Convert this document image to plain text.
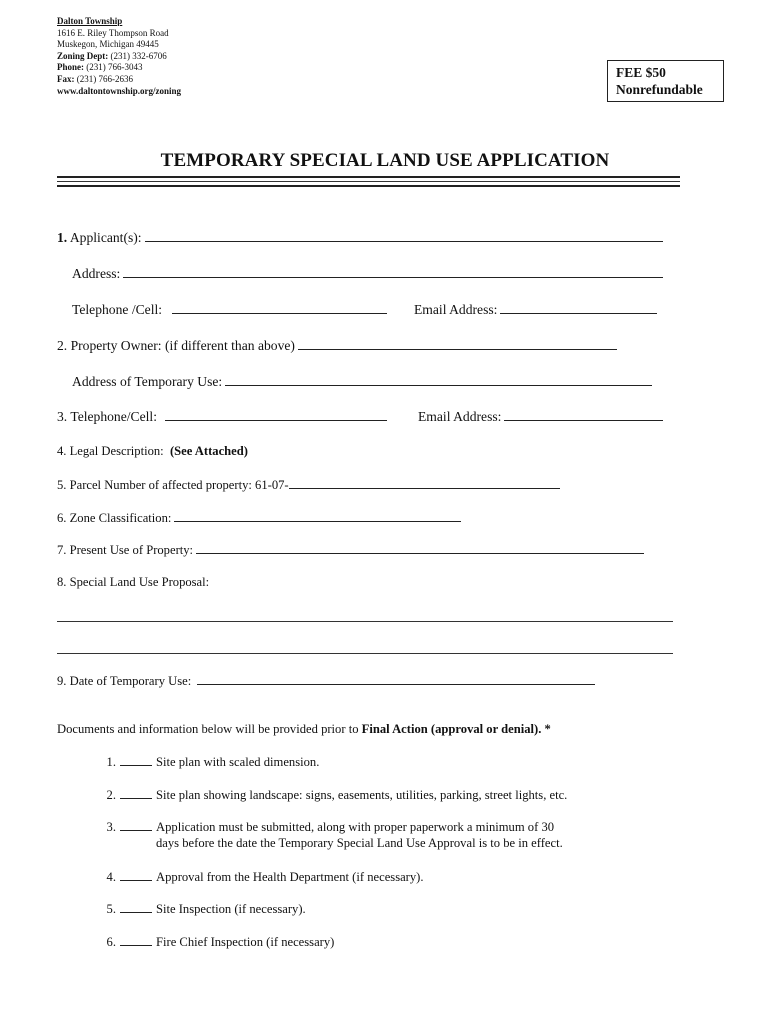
Dalton Township
1616 E. Riley Thompson Road
Muskegon, Michigan 49445
Zoning Dept: (231) 332-6706
Phone: (231) 766-3043
Fax: (231) 766-2636
www.daltontownship.org/zoning
FEE $50
Nonrefundable
TEMPORARY SPECIAL LAND USE APPLICATION
1. Applicant(s):
Address:
Telephone /Cell:	Email Address:
2. Property Owner: (if different than above)
Address of Temporary Use:
3. Telephone/Cell:	Email Address:
4. Legal Description: (See Attached)
5. Parcel Number of affected property: 61-07-
6. Zone Classification:
7. Present Use of Property:
8. Special Land Use Proposal:
9. Date of Temporary Use:
Documents and information below will be provided prior to Final Action (approval or denial). *
1.	Site plan with scaled dimension.
2.	Site plan showing landscape: signs, easements, utilities, parking, street lights, etc.
3.	Application must be submitted, along with proper paperwork a minimum of 30
days before the date the Temporary Special Land Use Approval is to be in effect.
4.	Approval from the Health Department (if necessary).
5.	Site Inspection (if necessary).
6.	Fire Chief Inspection (if necessary)
